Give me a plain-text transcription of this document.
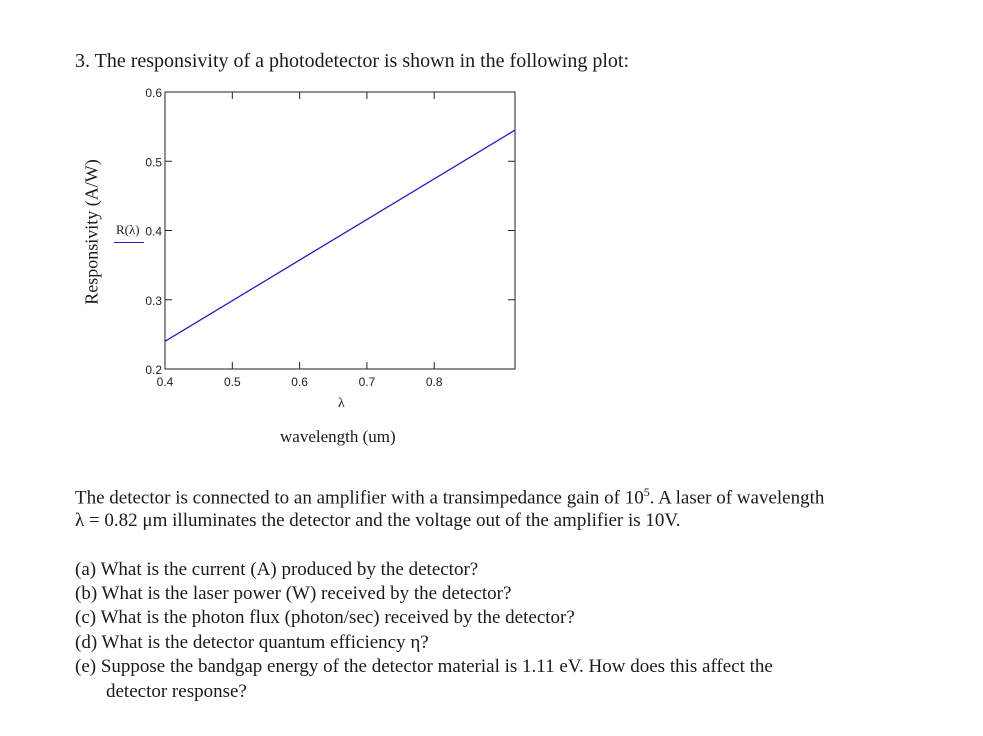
3. The responsivity of a photodetector is shown in the following plot:
Responsivity (A/W) R(λ)
0.4	0.5	0.6	0.7	0.8
0.2
0.3
0.4
0.5
0.6
λ
wavelength (um)
The detector is connected to an amplifier with a transimpedance gain of $10^5$. A laser of wavelength
λ = 0.82 μm illuminates the detector and the voltage out of the amplifier is 10V.
(a) What is the current (A) produced by the detector?
(b) What is the laser power (W) received by the detector?
(c) What is the photon flux (photon/sec) received by the detector?
(d) What is the detector quantum efficiency η?
(e) Suppose the bandgap energy of the detector material is 1.11 eV. How does this affect the
detector response?
